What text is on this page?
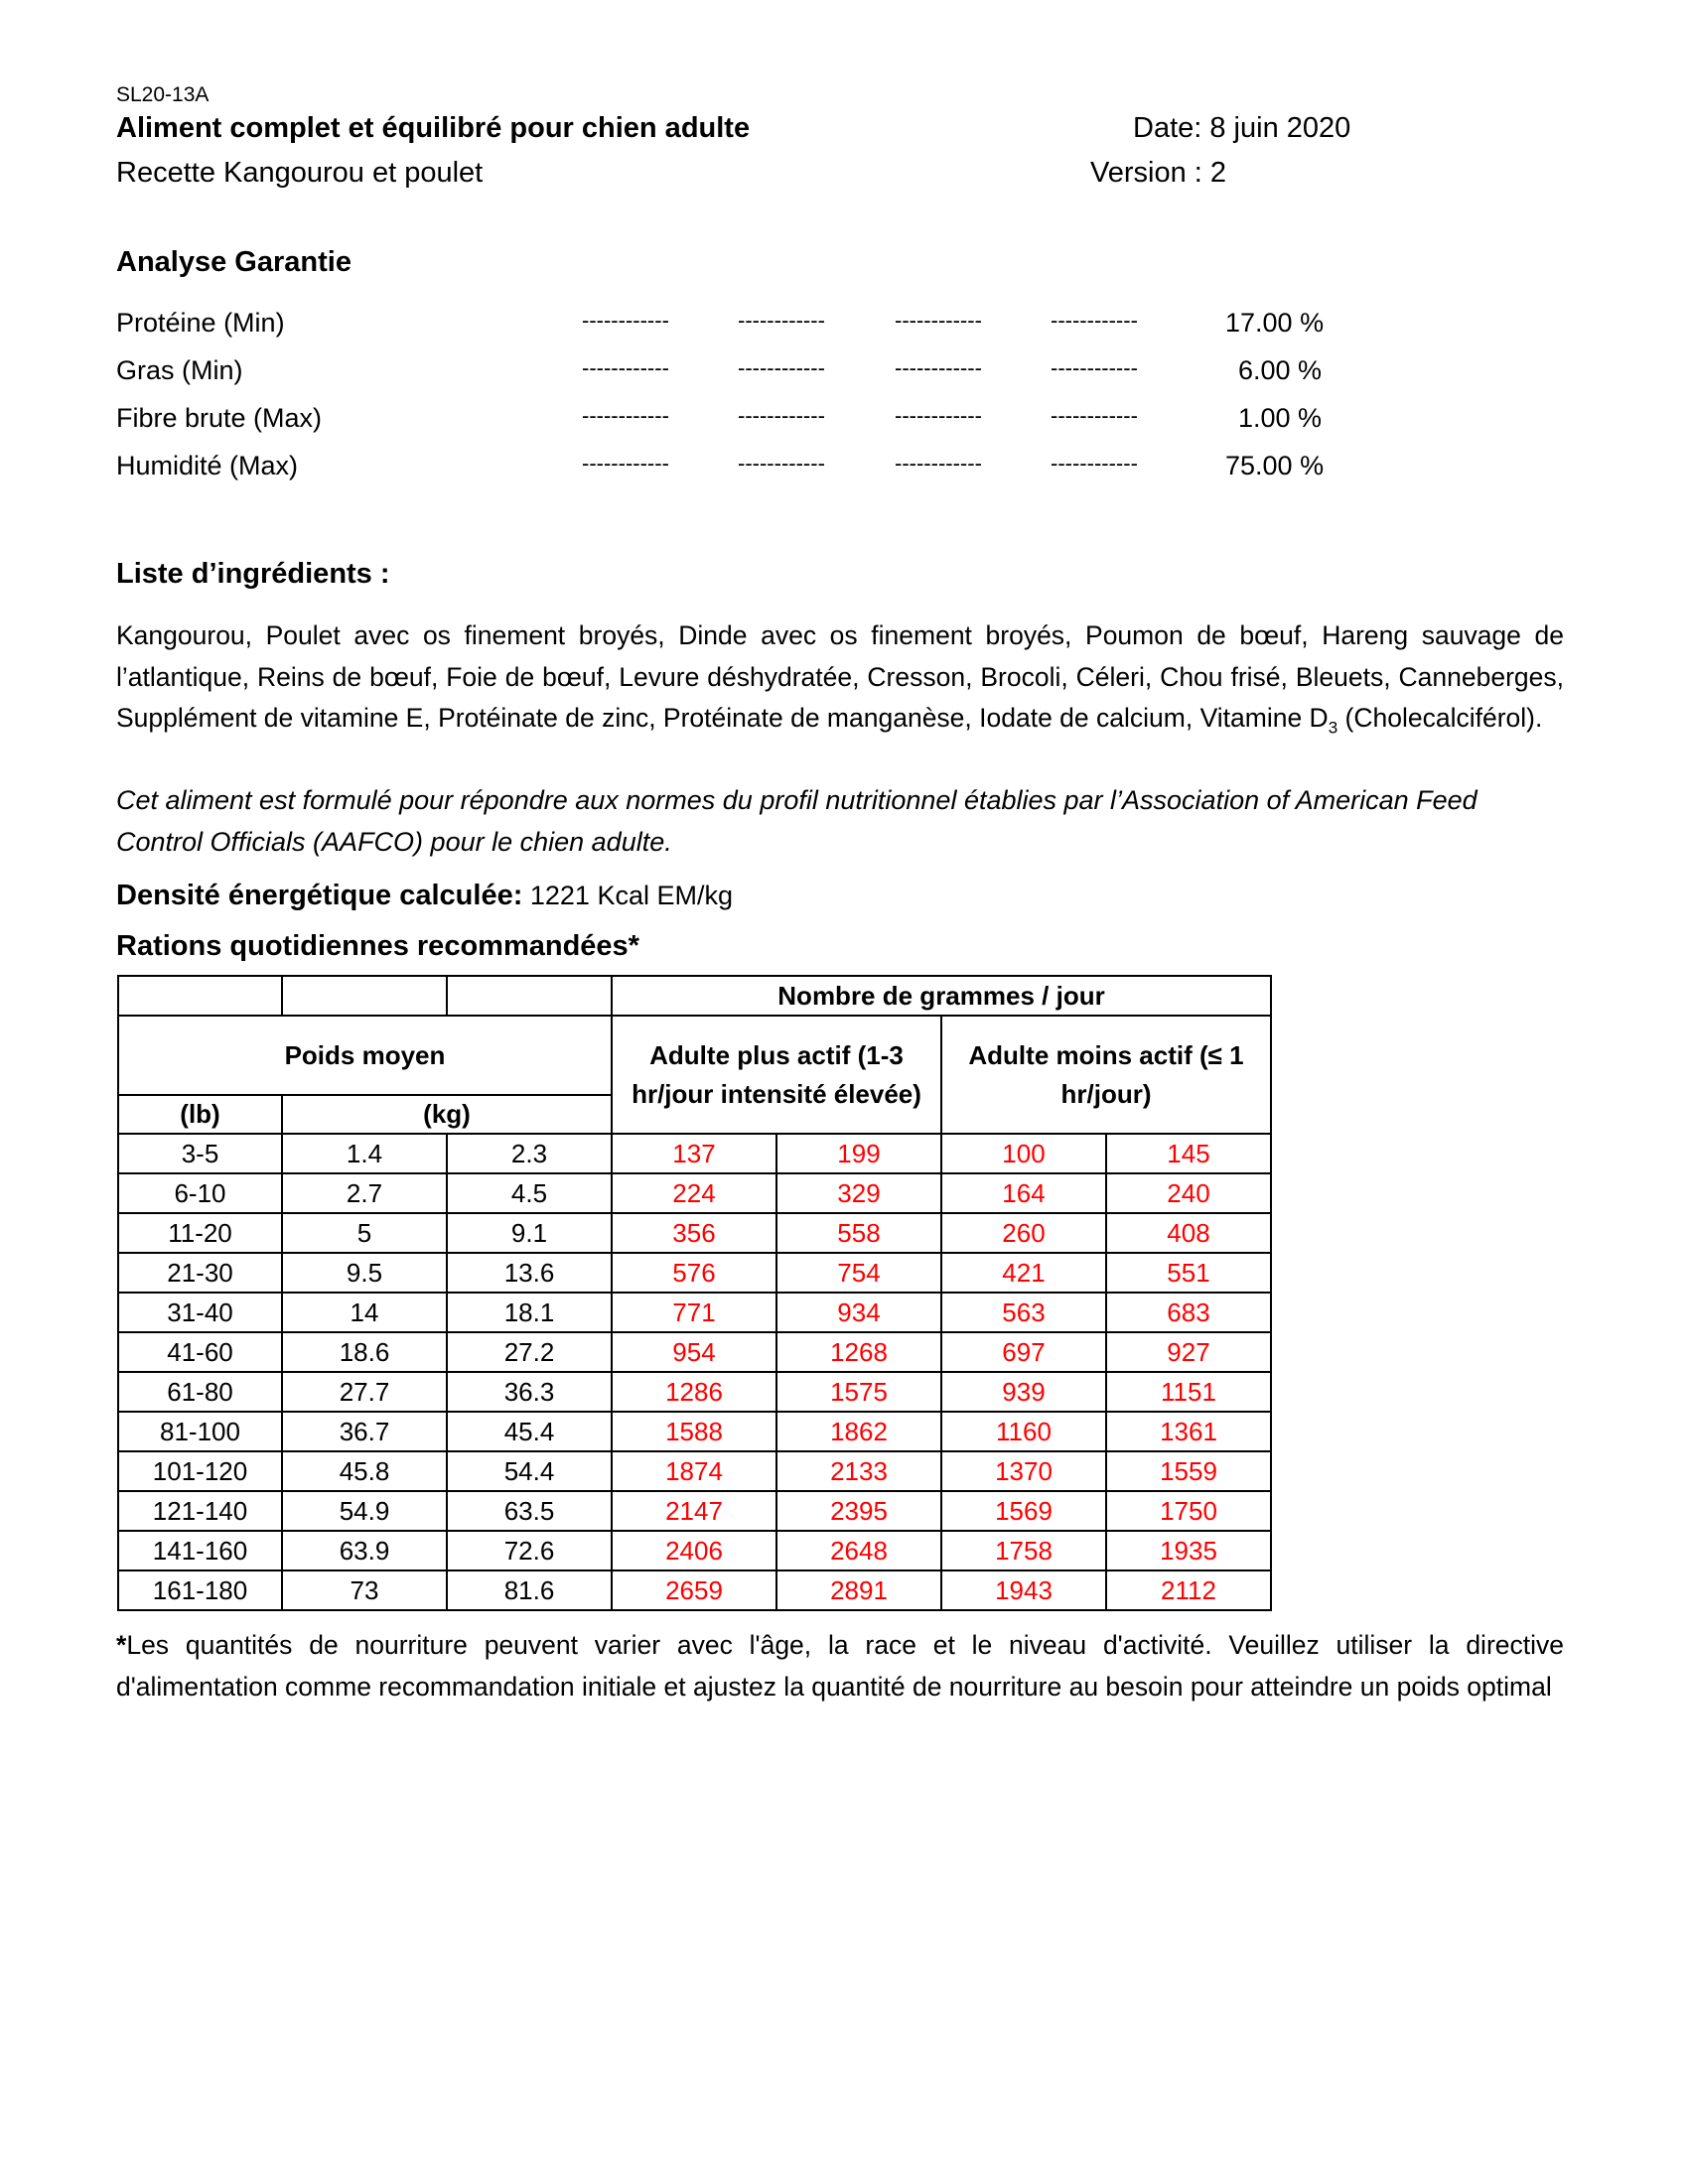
SL20-13A
Aliment complet et équilibré pour chien adulte	Date: 8 juin 2020
Recette Kangourou et poulet	Version : 2
Analyse Garantie
Protéine (Min)	------------	------------	------------	------------	17.00 %
Gras (Min)	------------	------------	------------	------------	6.00 %
Fibre brute (Max)	------------	------------	------------	------------	1.00 %
Humidité (Max)	------------	------------	------------	------------	75.00 %
Liste d’ingrédients :
Kangourou, Poulet avec os finement broyés, Dinde avec os finement broyés, Poumon de bœuf, Hareng sauvage de l’atlantique, Reins de bœuf, Foie de bœuf, Levure déshydratée, Cresson, Brocoli, Céleri, Chou frisé, Bleuets, Canneberges, Supplément de vitamine E, Protéinate de zinc, Protéinate de manganèse, Iodate de calcium, Vitamine $D_3$ (Cholecalciférol).
Cet aliment est formulé pour répondre aux normes du profil nutritionnel établies par l’Association of American Feed Control Officials (AAFCO) pour le chien adulte.
Densité énergétique calculée: 1221 Kcal EM/kg
Rations quotidiennes recommandées*
			Nombre de grammes / jour			
Poids moyen			Adulte plus actif (1-3 hr/jour intensité élevée)		Adulte moins actif (≤ 1 hr/jour)	
(lb)	(kg)					
3-5	1.4	2.3	137	199	100	145
6-10	2.7	4.5	224	329	164	240
11-20	5	9.1	356	558	260	408
21-30	9.5	13.6	576	754	421	551
31-40	14	18.1	771	934	563	683
41-60	18.6	27.2	954	1268	697	927
61-80	27.7	36.3	1286	1575	939	1151
81-100	36.7	45.4	1588	1862	1160	1361
101-120	45.8	54.4	1874	2133	1370	1559
121-140	54.9	63.5	2147	2395	1569	1750
141-160	63.9	72.6	2406	2648	1758	1935
161-180	73	81.6	2659	2891	1943	2112
*Les quantités de nourriture peuvent varier avec l'âge, la race et le niveau d'activité. Veuillez utiliser la directive d'alimentation comme recommandation initiale et ajustez la quantité de nourriture au besoin pour atteindre un poids optimal
